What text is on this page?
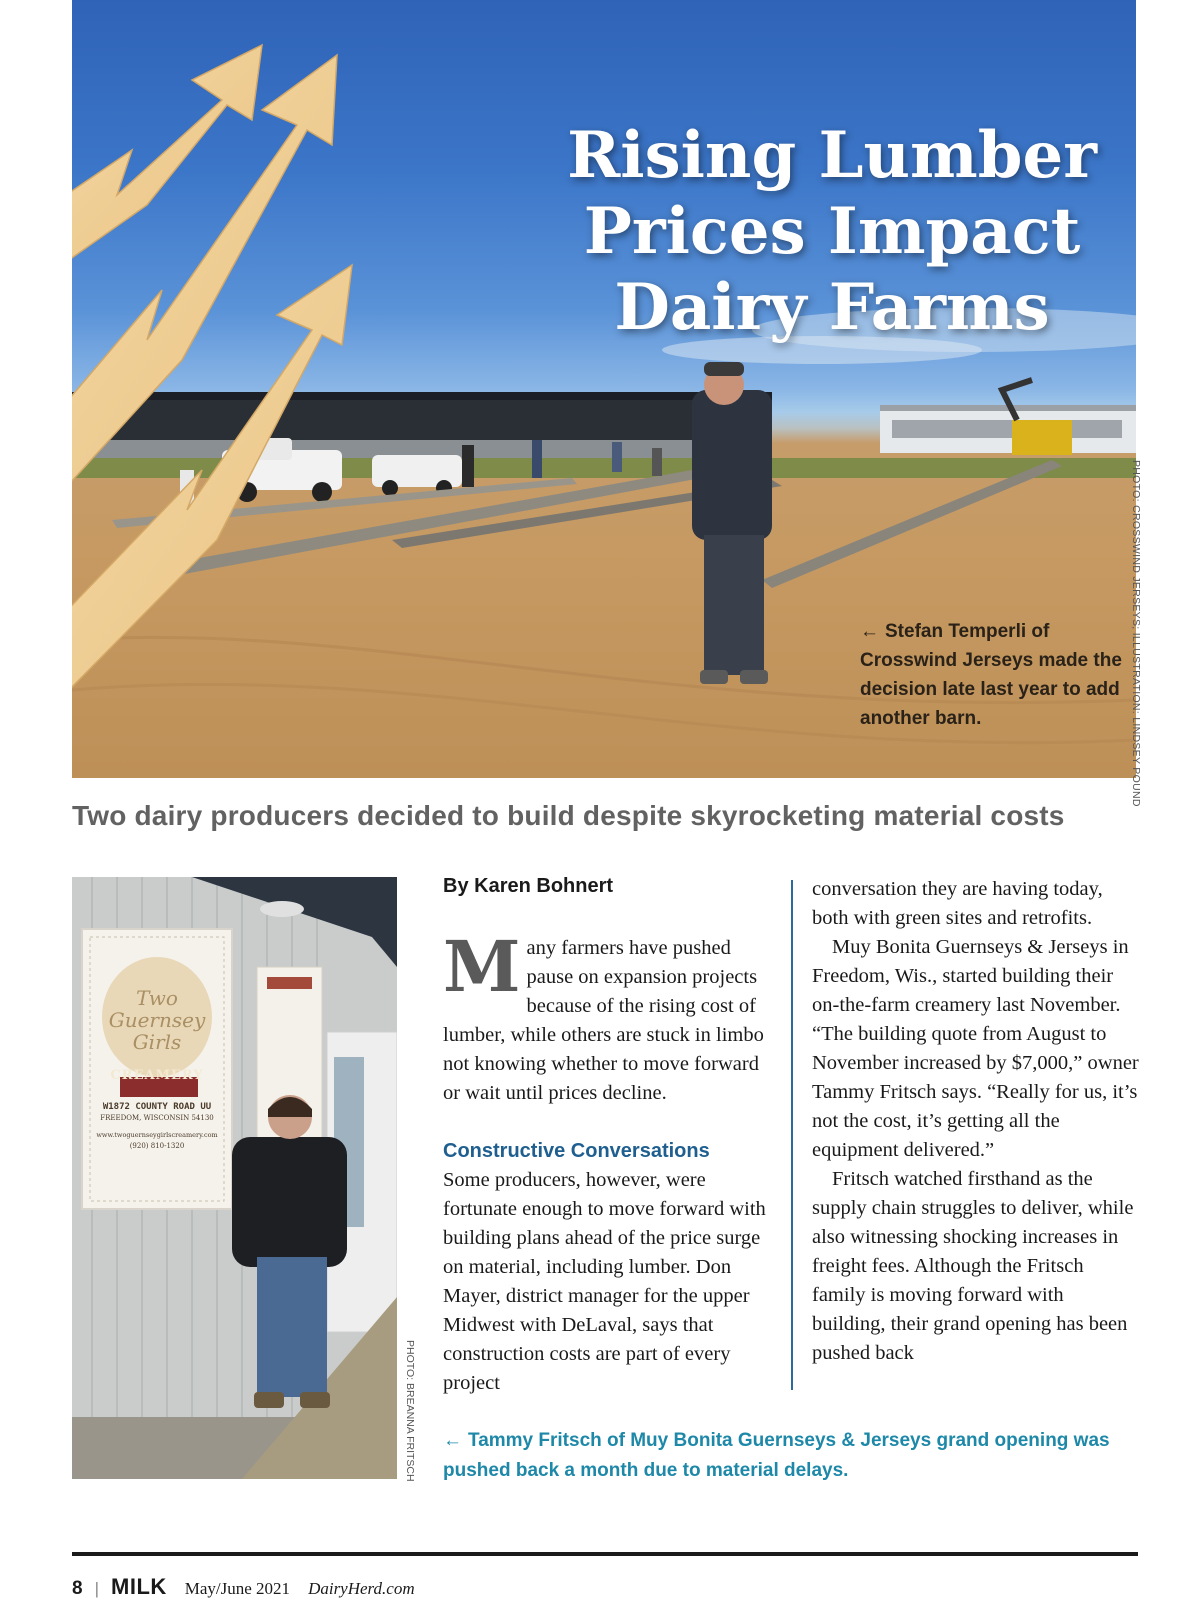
Rising Lumber
Prices Impact
Dairy Farms
← Stefan Temperli of Crosswind Jerseys made the decision late last year to add another barn.	PHOTO: CROSSWIND JERSEYS; ILLUSTRATION: LINDSEY POUND
Two dairy producers decided to build despite skyrocketing material costs
Two
Guernsey
Girls
CREAMERY
W1872 COUNTY ROAD UU
FREEDOM, WISCONSIN 54130
www.twoguernseygirlscreamery.com
(920) 810-1320
PHOTO: BREANNA FRITSCH
By Karen Bohnert

Many farmers have pushed pause on expansion projects because of the rising cost of lumber, while others are stuck in limbo not knowing whether to move forward or wait until prices decline.

Constructive Conversations

Some producers, however, were fortunate enough to move forward with building plans ahead of the price surge on material, including lumber. Don Mayer, district manager for the upper Midwest with DeLaval, says that construction costs are part of every project

conversation they are having today, both with green sites and retrofits.

Muy Bonita Guernseys & Jerseys in Freedom, Wis., started building their on-the-farm creamery last November. “The building quote from August to November increased by $7,000,” owner Tammy Fritsch says. “Really for us, it’s not the cost, it’s getting all the equipment delivered.”

Fritsch watched firsthand as the supply chain struggles to deliver, while also witnessing shocking increases in freight fees. Although the Fritsch family is moving forward with building, their grand opening has been pushed back

← Tammy Fritsch of Muy Bonita Guernseys & Jerseys grand opening was pushed back a month due to material delays.
8 | MILK May/June 2021 DairyHerd.com
